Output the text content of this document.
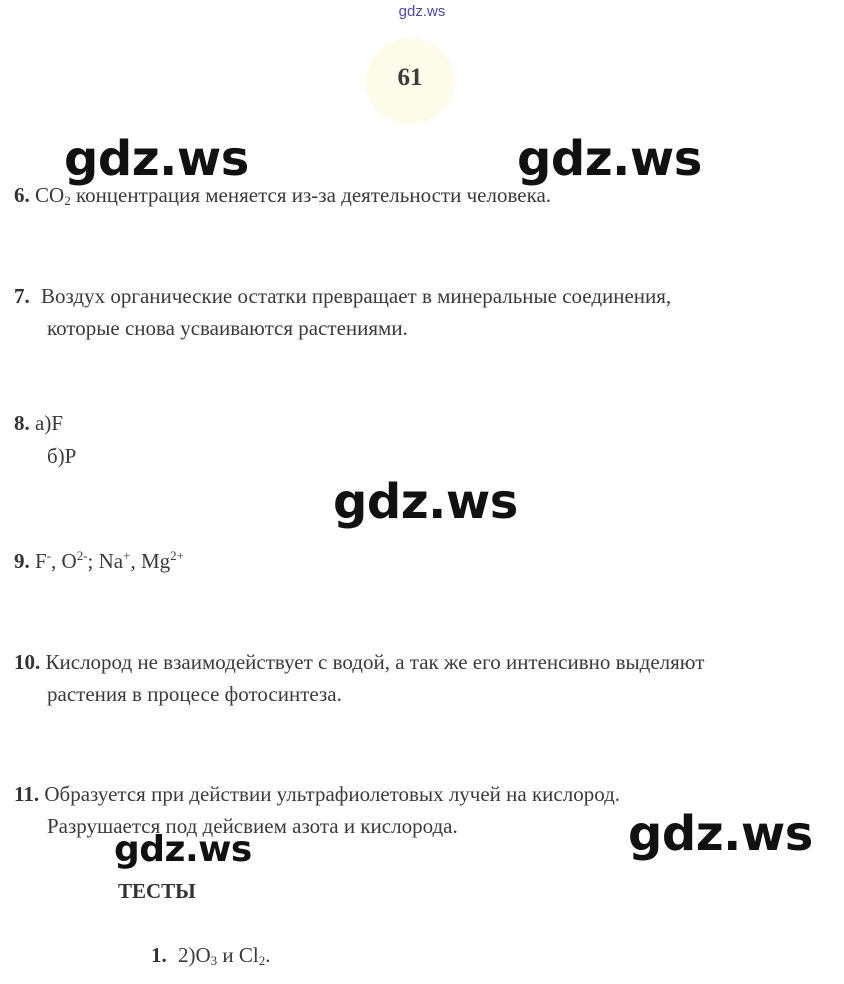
gdz.ws
61
6. $CO_2$ концентрация меняется из-за деятельности человека.
7. Воздух органические остатки превращает в минеральные соединения,
которые снова усваиваются растениями.
8. а)F
б)P
9. F-, $O^{2-}$; Na+, $Mg^{2+}$
10. Кислород не взаимодействует с водой, а так же его интенсивно выделяют
растения в процесе фотосинтеза.
11. Образуется при действии ультрафиолетовых лучей на кислород.
Разрушается под дейсвием азота и кислорода.
ТЕСТЫ
1. $2)O_3$ и $Cl_2$.
gdz.ws	gdz.ws
gdz.ws
gdz.ws
gdz.ws
